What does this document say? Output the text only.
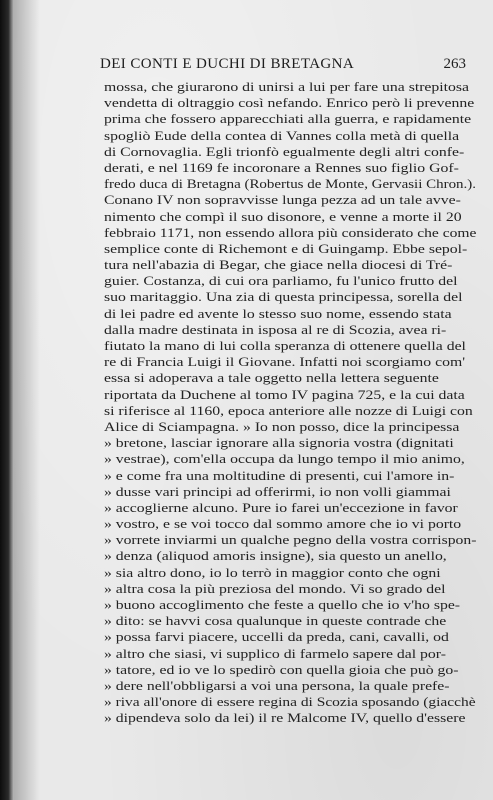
DEI CONTI E DUCHI DI BRETAGNA	263
mossa, che giurarono di unirsi a lui per fare una strepitosa
vendetta di oltraggio così nefando. Enrico però li prevenne
prima che fossero apparecchiati alla guerra, e rapidamente
spogliò Eude della contea di Vannes colla metà di quella
di Cornovaglia. Egli trionfò egualmente degli altri confe-
derati, e nel 1169 fe incoronare a Rennes suo figlio Gof-
fredo duca di Bretagna (Robertus de Monte, Gervasii Chron.).
Conano IV non sopravvisse lunga pezza ad un tale avve-
nimento che compì il suo disonore, e venne a morte il 20
febbraio 1171, non essendo allora più considerato che come
semplice conte di Richemont e di Guingamp. Ebbe sepol-
tura nell'abazia di Begar, che giace nella diocesi di Tré-
guier. Costanza, di cui ora parliamo, fu l'unico frutto del
suo maritaggio. Una zia di questa principessa, sorella del
di lei padre ed avente lo stesso suo nome, essendo stata
dalla madre destinata in isposa al re di Scozia, avea ri-
fiutato la mano di lui colla speranza di ottenere quella del
re di Francia Luigi il Giovane. Infatti noi scorgiamo com'
essa si adoperava a tale oggetto nella lettera seguente
riportata da Duchene al tomo IV pagina 725, e la cui data
si riferisce al 1160, epoca anteriore alle nozze di Luigi con
Alice di Sciampagna. » Io non posso, dice la principessa
» bretone, lasciar ignorare alla signoria vostra (dignitati
» vestrae), com'ella occupa da lungo tempo il mio animo,
» e come fra una moltitudine di presenti, cui l'amore in-
» dusse vari principi ad offerirmi, io non volli giammai
» accoglierne alcuno. Pure io farei un'eccezione in favor
» vostro, e se voi tocco dal sommo amore che io vi porto
» vorrete inviarmi un qualche pegno della vostra corrispon-
» denza (aliquod amoris insigne), sia questo un anello,
» sia altro dono, io lo terrò in maggior conto che ogni
» altra cosa la più preziosa del mondo. Vi so grado del
» buono accoglimento che feste a quello che io v'ho spe-
» dito: se havvi cosa qualunque in queste contrade che
» possa farvi piacere, uccelli da preda, cani, cavalli, od
» altro che siasi, vi supplico di farmelo sapere dal por-
» tatore, ed io ve lo spedirò con quella gioia che può go-
» dere nell'obbligarsi a voi una persona, la quale prefe-
» riva all'onore di essere regina di Scozia sposando (giacchè
» dipendeva solo da lei) il re Malcome IV, quello d'essere
